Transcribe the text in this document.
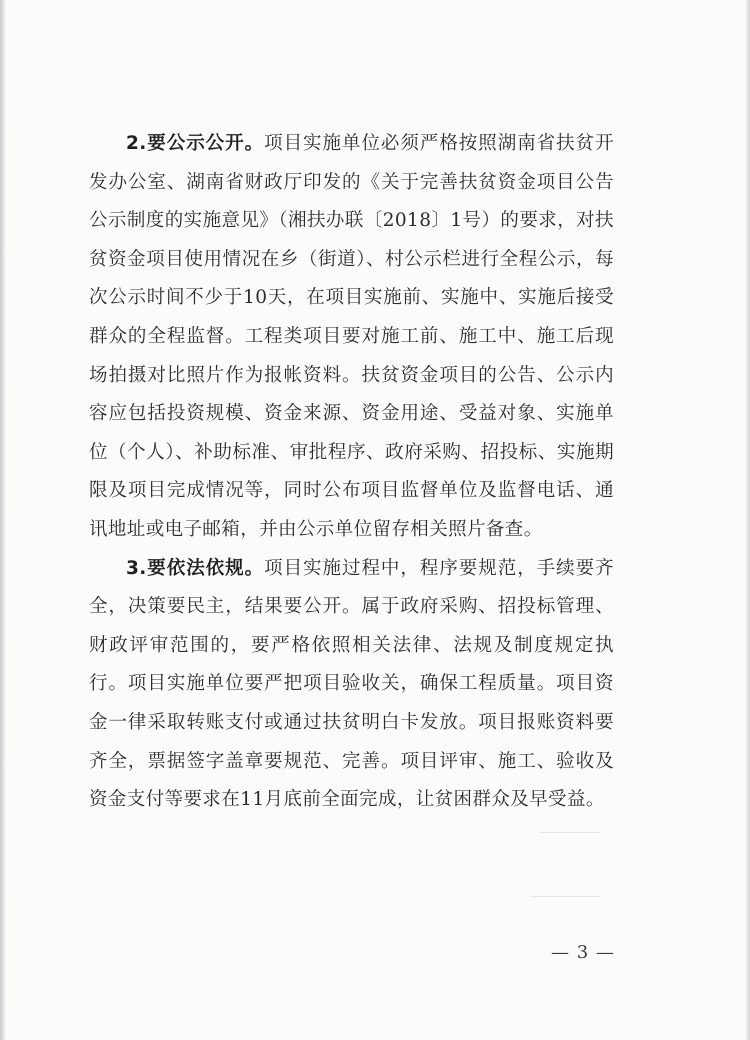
2.要公示公开。项目实施单位必须严格按照湖南省扶贫开发办公室、湖南省财政厅印发的《关于完善扶贫资金项目公告公示制度的实施意见》（湘扶办联〔2018〕1号）的要求，对扶贫资金项目使用情况在乡（街道）、村公示栏进行全程公示，每次公示时间不少于10天，在项目实施前、实施中、实施后接受群众的全程监督。工程类项目要对施工前、施工中、施工后现场拍摄对比照片作为报帐资料。扶贫资金项目的公告、公示内容应包括投资规模、资金来源、资金用途、受益对象、实施单位（个人）、补助标准、审批程序、政府采购、招投标、实施期限及项目完成情况等，同时公布项目监督单位及监督电话、通讯地址或电子邮箱，并由公示单位留存相关照片备查。

3.要依法依规。项目实施过程中，程序要规范，手续要齐全，决策要民主，结果要公开。属于政府采购、招投标管理、财政评审范围的，要严格依照相关法律、法规及制度规定执行。项目实施单位要严把项目验收关，确保工程质量。项目资金一律采取转账支付或通过扶贫明白卡发放。项目报账资料要齐全，票据签字盖章要规范、完善。项目评审、施工、验收及资金支付等要求在11月底前全面完成，让贫困群众及早受益。

— 3 —
